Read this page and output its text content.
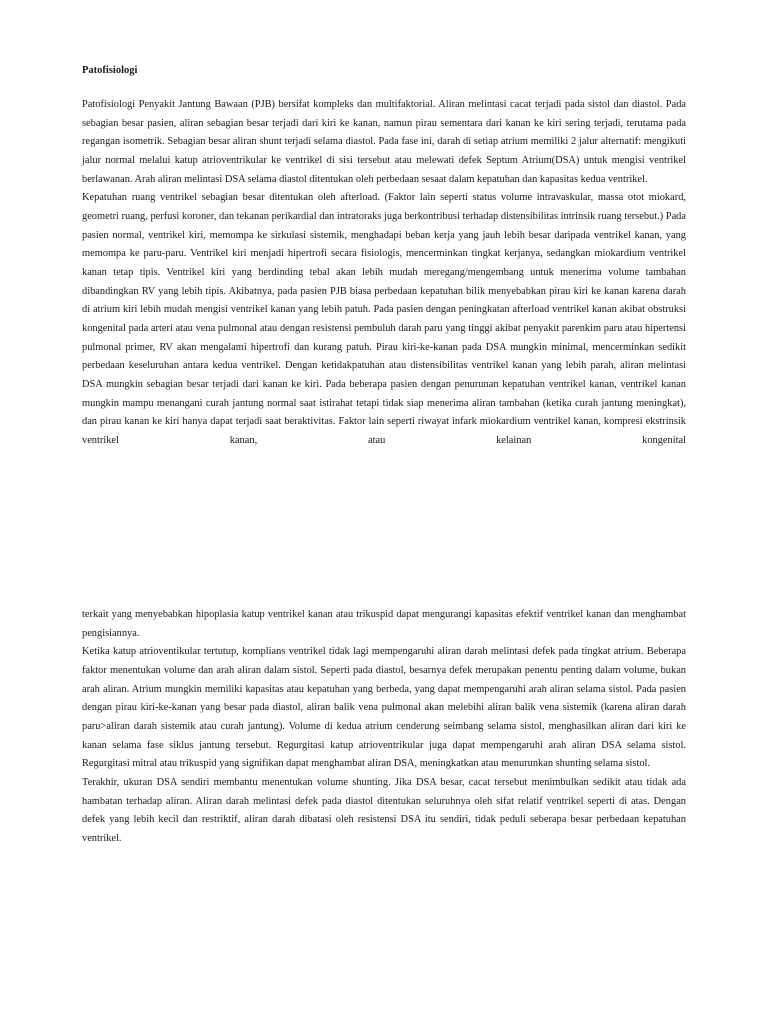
Patofisiologi

Patofisiologi Penyakit Jantung Bawaan (PJB) bersifat kompleks dan multifaktorial. Aliran melintasi cacat terjadi pada sistol dan diastol. Pada sebagian besar pasien, aliran sebagian besar terjadi dari kiri ke kanan, namun pirau sementara dari kanan ke kiri sering terjadi, terutama pada regangan isometrik. Sebagian besar aliran shunt terjadi selama diastol. Pada fase ini, darah di setiap atrium memiliki 2 jalur alternatif: mengikuti jalur normal melalui katup atrioventrikular ke ventrikel di sisi tersebut atau melewati defek Septum Atrium(DSA) untuk mengisi ventrikel berlawanan. Arah aliran melintasi DSA selama diastol ditentukan oleh perbedaan sesaat dalam kepatuhan dan kapasitas kedua ventrikel.

Kepatuhan ruang ventrikel sebagian besar ditentukan oleh afterload. (Faktor lain seperti status volume intravaskular, massa otot miokard, geometri ruang, perfusi koroner, dan tekanan perikardial dan intratoraks juga berkontribusi terhadap distensibilitas intrinsik ruang tersebut.) Pada pasien normal, ventrikel kiri, memompa ke sirkulasi sistemik, menghadapi beban kerja yang jauh lebih besar daripada ventrikel kanan, yang memompa ke paru-paru. Ventrikel kiri menjadi hipertrofi secara fisiologis, mencerminkan tingkat kerjanya, sedangkan miokardium ventrikel kanan tetap tipis. Ventrikel kiri yang berdinding tebal akan lebih mudah meregang/mengembang untuk menerima volume tambahan dibandingkan RV yang lebih tipis. Akibatnya, pada pasien PJB biasa perbedaan kepatuhan bilik menyebabkan pirau kiri ke kanan karena darah di atrium kiri lebih mudah mengisi ventrikel kanan yang lebih patuh. Pada pasien dengan peningkatan afterload ventrikel kanan akibat obstruksi kongenital pada arteri atau vena pulmonal atau dengan resistensi pembuluh darah paru yang tinggi akibat penyakit parenkim paru atau hipertensi pulmonal primer, RV akan mengalami hipertrofi dan kurang patuh. Pirau kiri-ke-kanan pada DSA mungkin minimal, mencerminkan sedikit perbedaan keseluruhan antara kedua ventrikel. Dengan ketidakpatuhan atau distensibilitas ventrikel kanan yang lebih parah, aliran melintasi DSA mungkin sebagian besar terjadi dari kanan ke kiri. Pada beberapa pasien dengan penurunan kepatuhan ventrikel kanan, ventrikel kanan mungkin mampu menangani curah jantung normal saat istirahat tetapi tidak siap menerima aliran tambahan (ketika curah jantung meningkat), dan pirau kanan ke kiri hanya dapat terjadi saat beraktivitas. Faktor lain seperti riwayat infark miokardium ventrikel kanan, kompresi ekstrinsik ventrikel kanan, atau kelainan kongenital

terkait yang menyebabkan hipoplasia katup ventrikel kanan atau trikuspid dapat mengurangi kapasitas efektif ventrikel kanan dan menghambat pengisiannya.

Ketika katup atrioventikular tertutup, komplians ventrikel tidak lagi mempengaruhi aliran darah melintasi defek pada tingkat atrium. Beberapa faktor menentukan volume dan arah aliran dalam sistol. Seperti pada diastol, besarnya defek merupakan penentu penting dalam volume, bukan arah aliran. Atrium mungkin memiliki kapasitas atau kepatuhan yang berbeda, yang dapat mempengaruhi arah aliran selama sistol. Pada pasien dengan pirau kiri-ke-kanan yang besar pada diastol, aliran balik vena pulmonal akan melebihi aliran balik vena sistemik (karena aliran darah paru>aliran darah sistemik atau curah jantung). Volume di kedua atrium cenderung seimbang selama sistol, menghasilkan aliran dari kiri ke kanan selama fase siklus jantung tersebut. Regurgitasi katup atrioventrikular juga dapat mempengaruhi arah aliran DSA selama sistol. Regurgitasi mitral atau trikuspid yang signifikan dapat menghambat aliran DSA, meningkatkan atau menurunkan shunting selama sistol.

Terakhir, ukuran DSA sendiri membantu menentukan volume shunting. Jika DSA besar, cacat tersebut menimbulkan sedikit atau tidak ada hambatan terhadap aliran. Aliran darah melintasi defek pada diastol ditentukan seluruhnya oleh sifat relatif ventrikel seperti di atas. Dengan defek yang lebih kecil dan restriktif, aliran darah dibatasi oleh resistensi DSA itu sendiri, tidak peduli seberapa besar perbedaan kepatuhan ventrikel.
